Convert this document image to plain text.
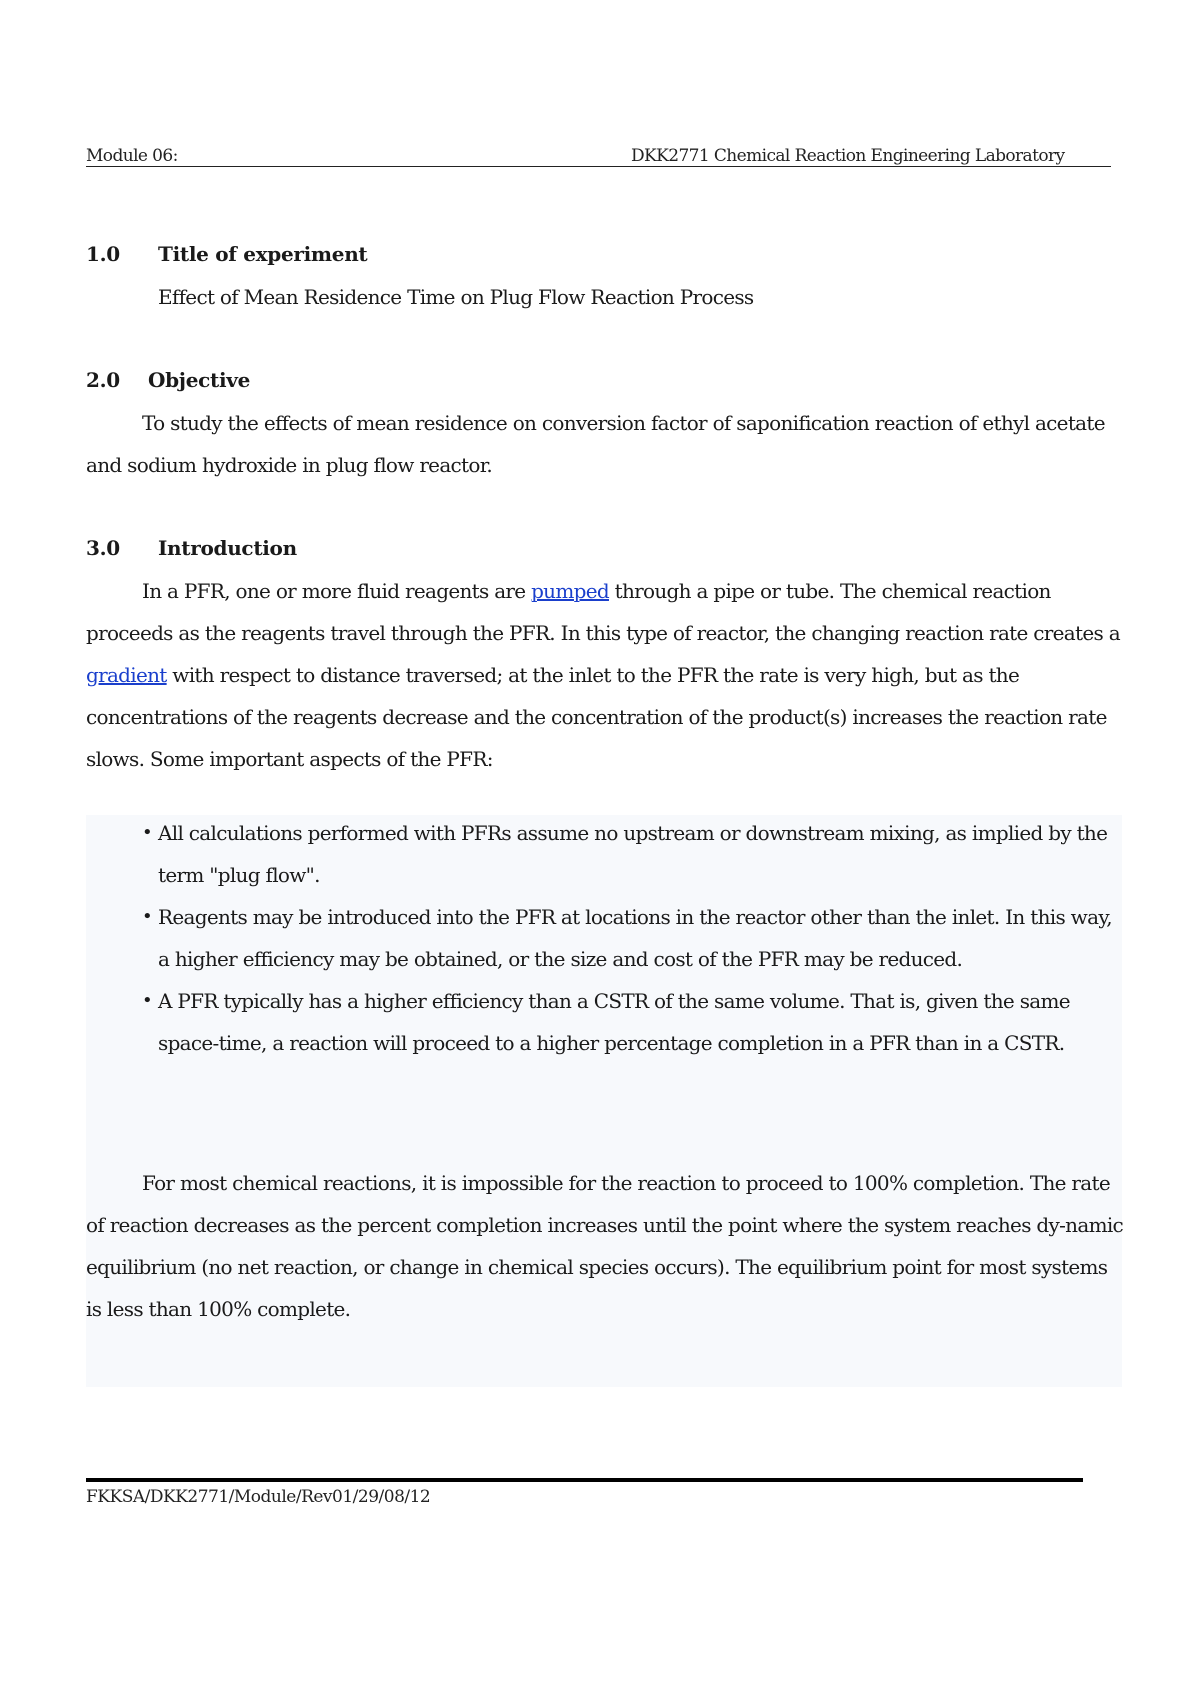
Module 06:	DKK2771 Chemical Reaction Engineering Laboratory
1.0 Title of experiment

Effect of Mean Residence Time on Plug Flow Reaction Process

2.0 Objective

To study the effects of mean residence on conversion factor of saponification reaction of ethyl acetate and sodium hydroxide in plug flow reactor.

3.0 Introduction

In a PFR, one or more fluid reagents are pumped through a pipe or tube. The chemical reaction proceeds as the reagents travel through the PFR. In this type of reactor, the changing reaction rate creates a gradient with respect to distance traversed; at the inlet to the PFR the rate is very high, but as the concentrations of the reagents decrease and the concentration of the product(s) increases the reaction rate slows. Some important aspects of the PFR:

• All calculations performed with PFRs assume no upstream or downstream mixing, as implied by the term "plug flow".
• Reagents may be introduced into the PFR at locations in the reactor other than the inlet. In this way, a higher efficiency may be obtained, or the size and cost of the PFR may be reduced.
• A PFR typically has a higher efficiency than a CSTR of the same volume. That is, given the same space-time, a reaction will proceed to a higher percentage completion in a PFR than in a CSTR.

For most chemical reactions, it is impossible for the reaction to proceed to 100% completion. The rate of reaction decreases as the percent completion increases until the point where the system reaches dy-namic equilibrium (no net reaction, or change in chemical species occurs). The equilibrium point for most systems is less than 100% complete.

FKKSA/DKK2771/Module/Rev01/29/08/12
